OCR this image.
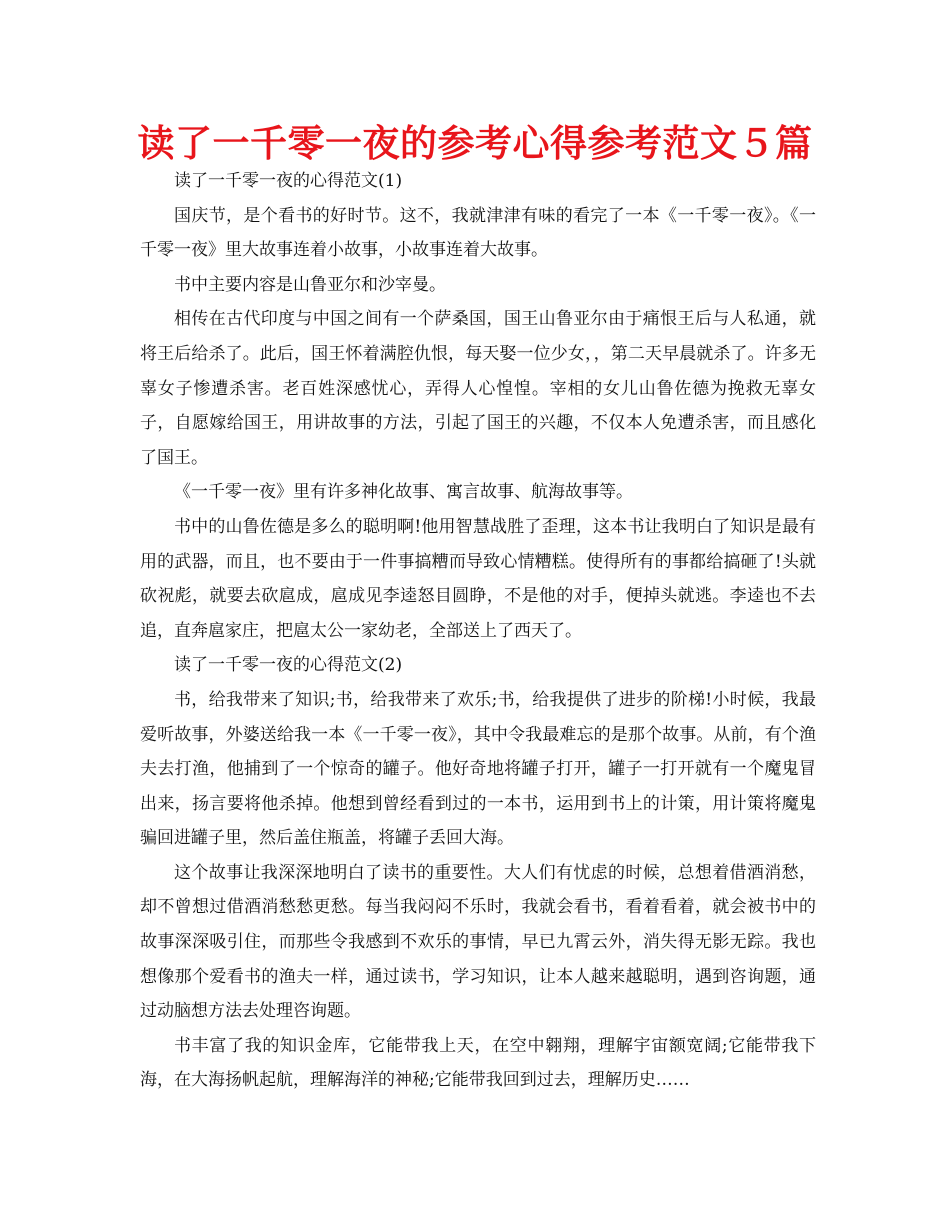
读了一千零一夜的参考心得参考范文５篇

读了一千零一夜的心得范文(1)

国庆节，是个看书的好时节。这不，我就津津有味的看完了一本《一千零一夜》。《一千零一夜》里大故事连着小故事，小故事连着大故事。

书中主要内容是山鲁亚尔和沙宰曼。

相传在古代印度与中国之间有一个萨桑国，国王山鲁亚尔由于痛恨王后与人私通，就将王后给杀了。此后，国王怀着满腔仇恨，每天娶一位少女，，第二天早晨就杀了。许多无辜女子惨遭杀害。老百姓深感忧心，弄得人心惶惶。宰相的女儿山鲁佐德为挽救无辜女子，自愿嫁给国王，用讲故事的方法，引起了国王的兴趣，不仅本人免遭杀害，而且感化了国王。

《一千零一夜》里有许多神化故事、寓言故事、航海故事等。

书中的山鲁佐德是多么的聪明啊!他用智慧战胜了歪理，这本书让我明白了知识是最有用的武器，而且，也不要由于一件事搞糟而导致心情糟糕。使得所有的事都给搞砸了!头就砍祝彪，就要去砍扈成，扈成见李逵怒目圆睁，不是他的对手，便掉头就逃。李逵也不去追，直奔扈家庄，把扈太公一家幼老，全部送上了西天了。

读了一千零一夜的心得范文(2)

书，给我带来了知识;书，给我带来了欢乐;书，给我提供了进步的阶梯!小时候，我最爱听故事，外婆送给我一本《一千零一夜》，其中令我最难忘的是那个故事。从前，有个渔夫去打渔，他捕到了一个惊奇的罐子。他好奇地将罐子打开，罐子一打开就有一个魔鬼冒出来，扬言要将他杀掉。他想到曾经看到过的一本书，运用到书上的计策，用计策将魔鬼骗回进罐子里，然后盖住瓶盖，将罐子丢回大海。

这个故事让我深深地明白了读书的重要性。大人们有忧虑的时候，总想着借酒消愁，却不曾想过借酒消愁愁更愁。每当我闷闷不乐时，我就会看书，看着看着，就会被书中的故事深深吸引住，而那些令我感到不欢乐的事情，早已九霄云外，消失得无影无踪。我也想像那个爱看书的渔夫一样，通过读书，学习知识，让本人越来越聪明，遇到咨询题，通过动脑想方法去处理咨询题。

书丰富了我的知识金库，它能带我上天，在空中翱翔，理解宇宙额宽阔;它能带我下海，在大海扬帆起航，理解海洋的神秘;它能带我回到过去，理解历史……
